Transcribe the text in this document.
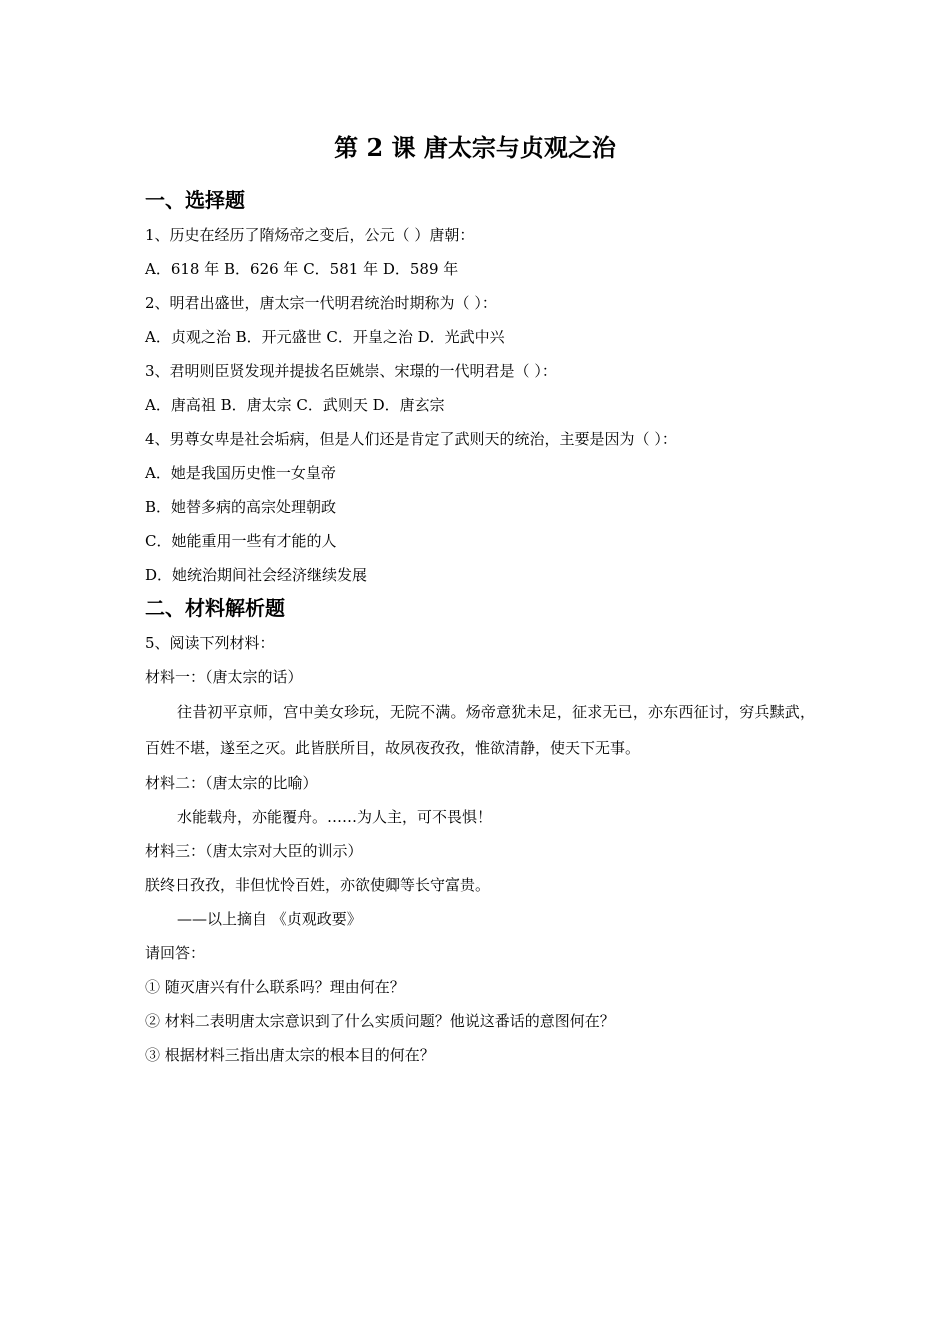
第 2 课 唐太宗与贞观之治
一、选择题

1、历史在经历了隋炀帝之变后，公元（ ）唐朝：

A．618 年 B．626 年 C．581 年 D．589 年

2、明君出盛世，唐太宗一代明君统治时期称为（ ）：

A．贞观之治 B．开元盛世 C．开皇之治 D．光武中兴

3、君明则臣贤发现并提拔名臣姚崇、宋璟的一代明君是（ ）：

A．唐高祖 B．唐太宗 C．武则天 D．唐玄宗

4、男尊女卑是社会垢病，但是人们还是肯定了武则天的统治，主要是因为（ ）：

A．她是我国历史惟一女皇帝

B．她替多病的高宗处理朝政

C．她能重用一些有才能的人

D．她统治期间社会经济继续发展

二、材料解析题

5、阅读下列材料：

材料一：（唐太宗的话）

往昔初平京师，宫中美女珍玩，无院不满。炀帝意犹未足，征求无已，亦东西征讨，穷兵黩武，百姓不堪，遂至之灭。此皆朕所目，故夙夜孜孜，惟欲清静，使天下无事。

材料二：（唐太宗的比喻）

水能载舟，亦能覆舟。……为人主，可不畏惧！

材料三：（唐太宗对大臣的训示）

朕终日孜孜，非但忧怜百姓，亦欲使卿等长守富贵。

——以上摘自 《贞观政要》

请回答：

① 随灭唐兴有什么联系吗？理由何在？

② 材料二表明唐太宗意识到了什么实质问题？他说这番话的意图何在？

③ 根据材料三指出唐太宗的根本目的何在？
